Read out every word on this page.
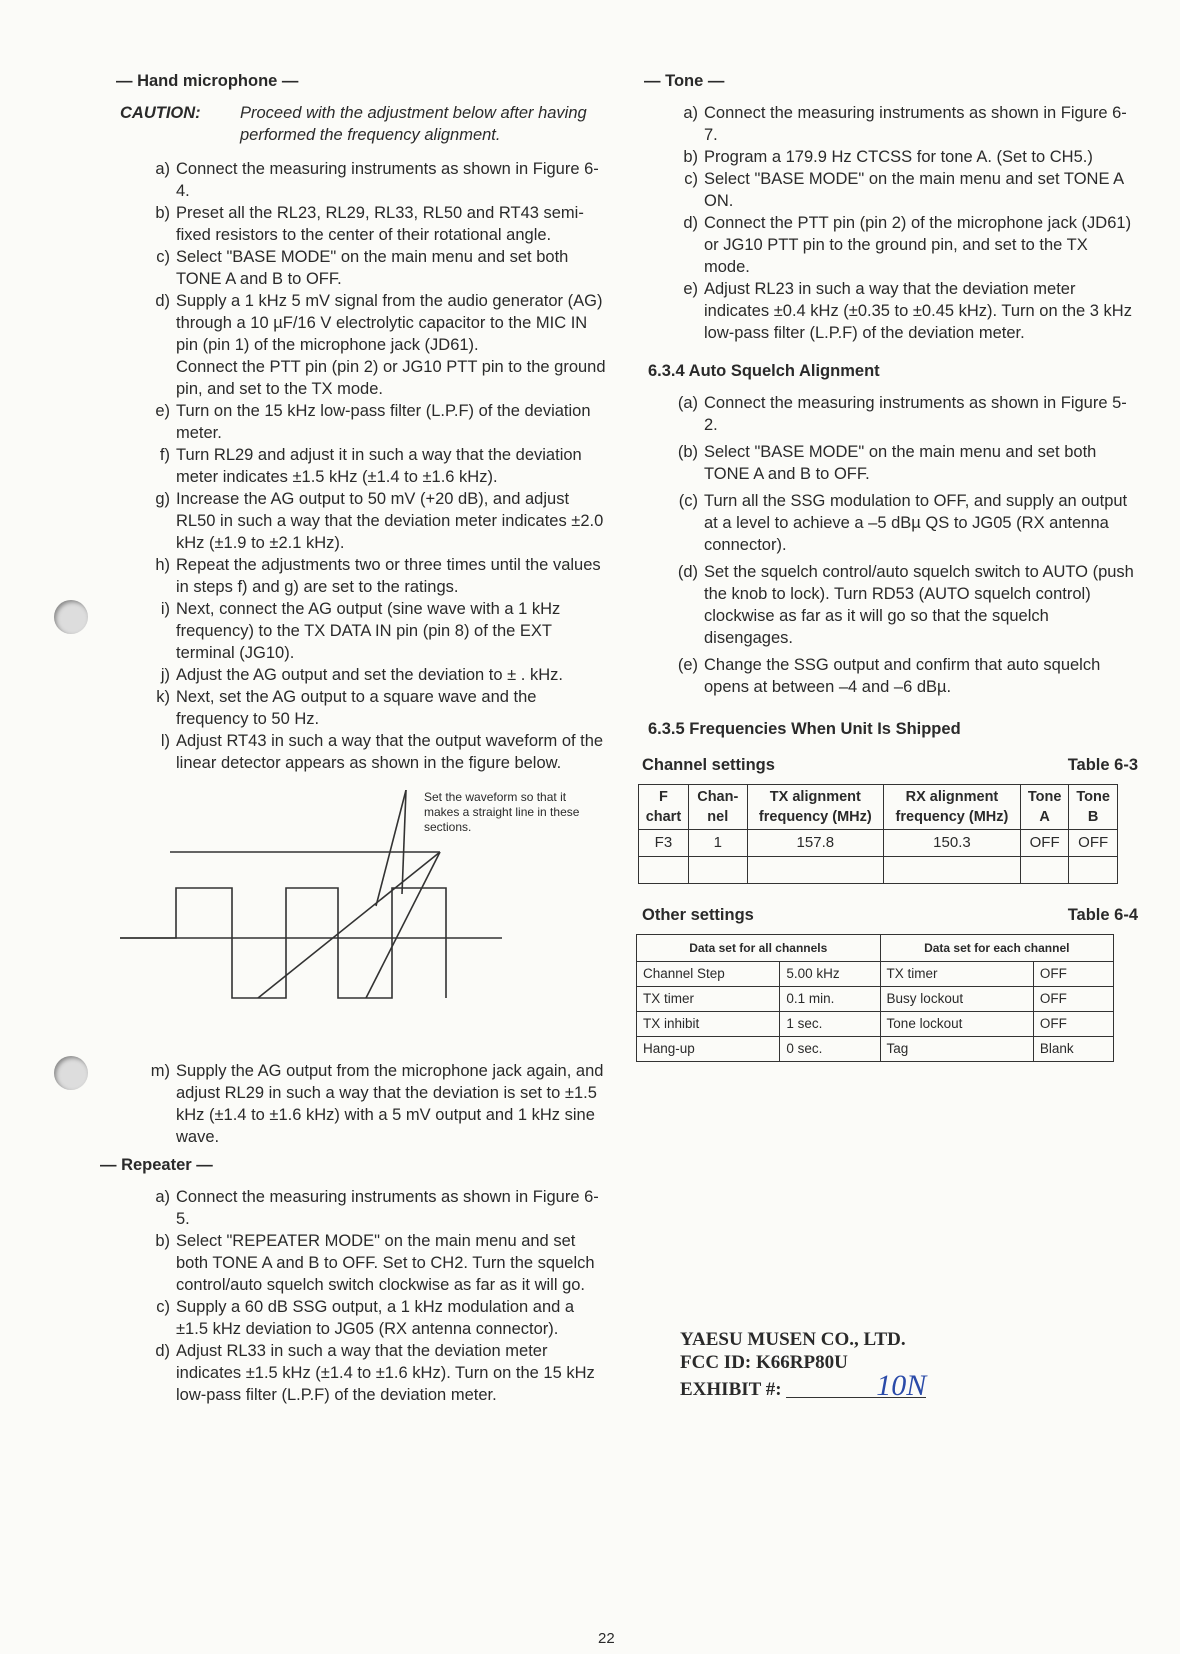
— Hand microphone —
CAUTION:	Proceed with the adjustment below after having performed the frequency alignment.
a) Connect the measuring instruments as shown in Figure 6-4.
b) Preset all the RL23, RL29, RL33, RL50 and RT43 semi-fixed resistors to the center of their rotational angle.
c) Select "BASE MODE" on the main menu and set both TONE A and B to OFF.
d) Supply a 1 kHz 5 mV signal from the audio generator (AG) through a 10 µF/16 V electrolytic capacitor to the MIC IN pin (pin 1) of the microphone jack (JD61).
Connect the PTT pin (pin 2) or JG10 PTT pin to the ground pin, and set to the TX mode.
e) Turn on the 15 kHz low-pass filter (L.P.F) of the deviation meter.
f) Turn RL29 and adjust it in such a way that the deviation meter indicates ±1.5 kHz (±1.4 to ±1.6 kHz).
g) Increase the AG output to 50 mV (+20 dB), and adjust RL50 in such a way that the deviation meter indicates ±2.0 kHz (±1.9 to ±2.1 kHz).
h) Repeat the adjustments two or three times until the values in steps f) and g) are set to the ratings.
i) Next, connect the AG output (sine wave with a 1 kHz frequency) to the TX DATA IN pin (pin 8) of the EXT terminal (JG10).
j) Adjust the AG output and set the deviation to ± . kHz.
k) Next, set the AG output to a square wave and the frequency to 50 Hz.
l) Adjust RT43 in such a way that the output waveform of the linear detector appears as shown in the figure below.
Set the waveform so that it makes a straight line in these sections.
m) Supply the AG output from the microphone jack again, and adjust RL29 in such a way that the deviation is set to ±1.5 kHz (±1.4 to ±1.6 kHz) with a 5 mV output and 1 kHz sine wave.
— Repeater —
a) Connect the measuring instruments as shown in Figure 6-5.
b) Select "REPEATER MODE" on the main menu and set both TONE A and B to OFF. Set to CH2. Turn the squelch control/auto squelch switch clockwise as far as it will go.
c) Supply a 60 dB SSG output, a 1 kHz modulation and a ±1.5 kHz deviation to JG05 (RX antenna connector).
d) Adjust RL33 in such a way that the deviation meter indicates ±1.5 kHz (±1.4 to ±1.6 kHz). Turn on the 15 kHz low-pass filter (L.P.F) of the deviation meter.
— Tone —
a) Connect the measuring instruments as shown in Figure 6-7.
b) Program a 179.9 Hz CTCSS for tone A. (Set to CH5.)
c) Select "BASE MODE" on the main menu and set TONE A ON.
d) Connect the PTT pin (pin 2) of the microphone jack (JD61) or JG10 PTT pin to the ground pin, and set to the TX mode.
e) Adjust RL23 in such a way that the deviation meter indicates ±0.4 kHz (±0.35 to ±0.45 kHz). Turn on the 3 kHz low-pass filter (L.P.F) of the deviation meter.
6.3.4 Auto Squelch Alignment
(a) Connect the measuring instruments as shown in Figure 5-2.
(b) Select "BASE MODE" on the main menu and set both TONE A and B to OFF.
(c) Turn all the SSG modulation to OFF, and supply an output at a level to achieve a –5 dBµ QS to JG05 (RX antenna connector).
(d) Set the squelch control/auto squelch switch to AUTO (push the knob to lock). Turn RD53 (AUTO squelch control) clockwise as far as it will go so that the squelch disengages.
(e) Change the SSG output and confirm that auto squelch opens at between –4 and –6 dBµ.
6.3.5 Frequencies When Unit Is Shipped
Channel settings	Table 6-3
F chart	Chan-nel	TX alignment frequency (MHz)	RX alignment frequency (MHz)	Tone A	Tone B
F3	1	157.8	150.3	OFF	OFF

Other settings	Table 6-4
Data set for all channels		Data set for each channel	
Channel Step	5.00 kHz	TX timer	OFF
TX timer	0.1 min.	Busy lockout	OFF
TX inhibit	1 sec.	Tone lockout	OFF
Hang-up	0 sec.	Tag	Blank
YAESU MUSEN CO., LTD.
FCC ID: K66RP80U
EXHIBIT #:	10N
22
